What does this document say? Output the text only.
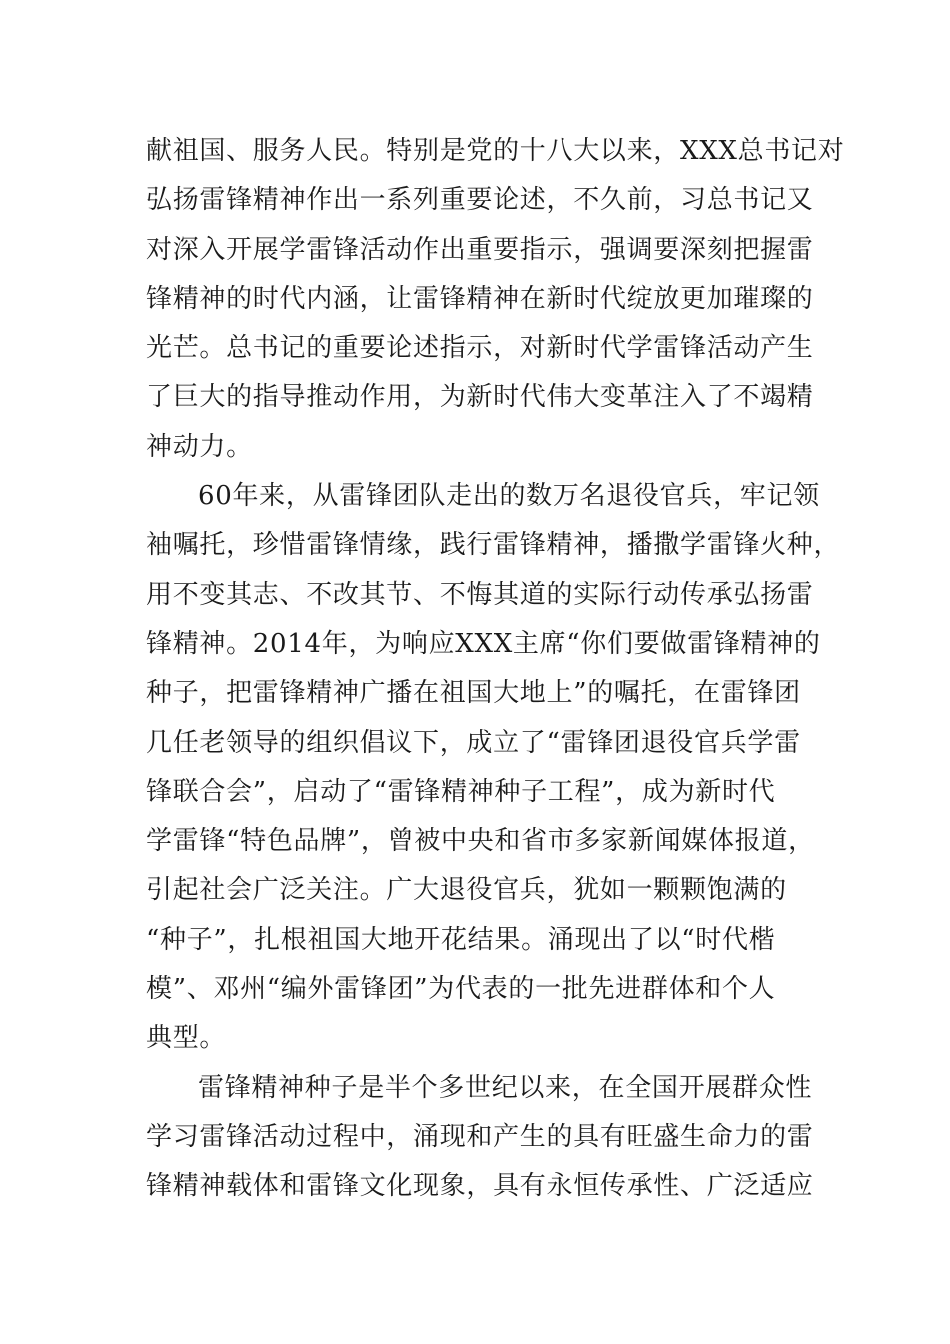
献祖国、服务人民。特别是党的十八大以来，XXX总书记对
弘扬雷锋精神作出一系列重要论述，不久前，习总书记又
对深入开展学雷锋活动作出重要指示，强调要深刻把握雷
锋精神的时代内涵，让雷锋精神在新时代绽放更加璀璨的
光芒。总书记的重要论述指示，对新时代学雷锋活动产生
了巨大的指导推动作用，为新时代伟大变革注入了不竭精
神动力。
60年来，从雷锋团队走出的数万名退役官兵，牢记领
袖嘱托，珍惜雷锋情缘，践行雷锋精神，播撒学雷锋火种，
用不变其志、不改其节、不悔其道的实际行动传承弘扬雷
锋精神。2014年，为响应XXX主席“你们要做雷锋精神的
种子，把雷锋精神广播在祖国大地上”的嘱托，在雷锋团
几任老领导的组织倡议下，成立了“雷锋团退役官兵学雷
锋联合会”，启动了“雷锋精神种子工程”，成为新时代
学雷锋“特色品牌”，曾被中央和省市多家新闻媒体报道，
引起社会广泛关注。广大退役官兵，犹如一颗颗饱满的
“种子”，扎根祖国大地开花结果。涌现出了以“时代楷
模”、邓州“编外雷锋团”为代表的一批先进群体和个人
典型。
雷锋精神种子是半个多世纪以来，在全国开展群众性
学习雷锋活动过程中，涌现和产生的具有旺盛生命力的雷
锋精神载体和雷锋文化现象，具有永恒传承性、广泛适应
